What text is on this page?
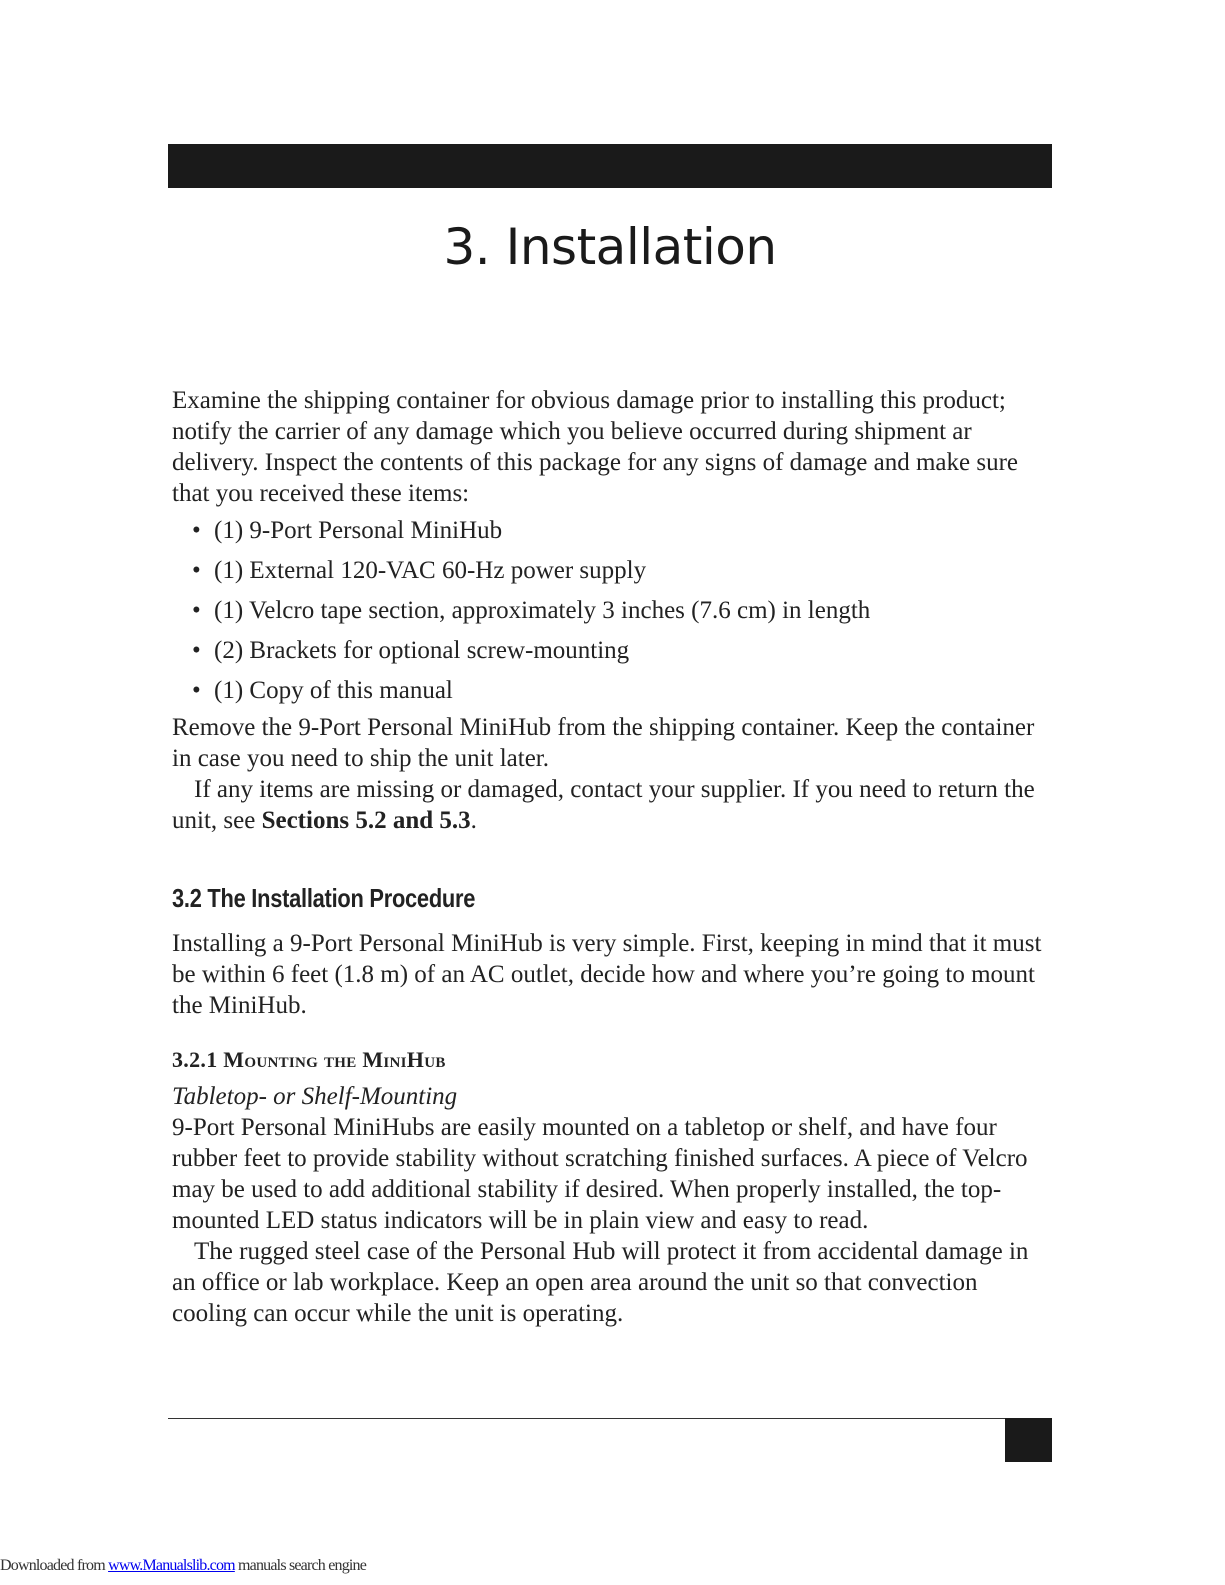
3. Installation

Examine the shipping container for obvious damage prior to installing this product; notify the carrier of any damage which you believe occurred during shipment ar delivery. Inspect the contents of this package for any signs of damage and make sure that you received these items:

• (1) 9-Port Personal MiniHub
• (1) External 120-VAC 60-Hz power supply
• (1) Velcro tape section, approximately 3 inches (7.6 cm) in length
• (2) Brackets for optional screw-mounting
• (1) Copy of this manual

Remove the 9-Port Personal MiniHub from the shipping container. Keep the container in case you need to ship the unit later.

If any items are missing or damaged, contact your supplier. If you need to return the unit, see Sections 5.2 and 5.3.

3.2 The Installation Procedure

Installing a 9-Port Personal MiniHub is very simple. First, keeping in mind that it must be within 6 feet (1.8 m) of an AC outlet, decide how and where you’re going to mount the MiniHub.

3.2.1 Mounting the MiniHub

Tabletop- or Shelf-Mounting

9-Port Personal MiniHubs are easily mounted on a tabletop or shelf, and have four rubber feet to provide stability without scratching finished surfaces. A piece of Velcro may be used to add additional stability if desired. When properly installed, the top-mounted LED status indicators will be in plain view and easy to read.

The rugged steel case of the Personal Hub will protect it from accidental damage in an office or lab workplace. Keep an open area around the unit so that convection cooling can occur while the unit is operating.

Downloaded from www.Manualslib.com manuals search engine
